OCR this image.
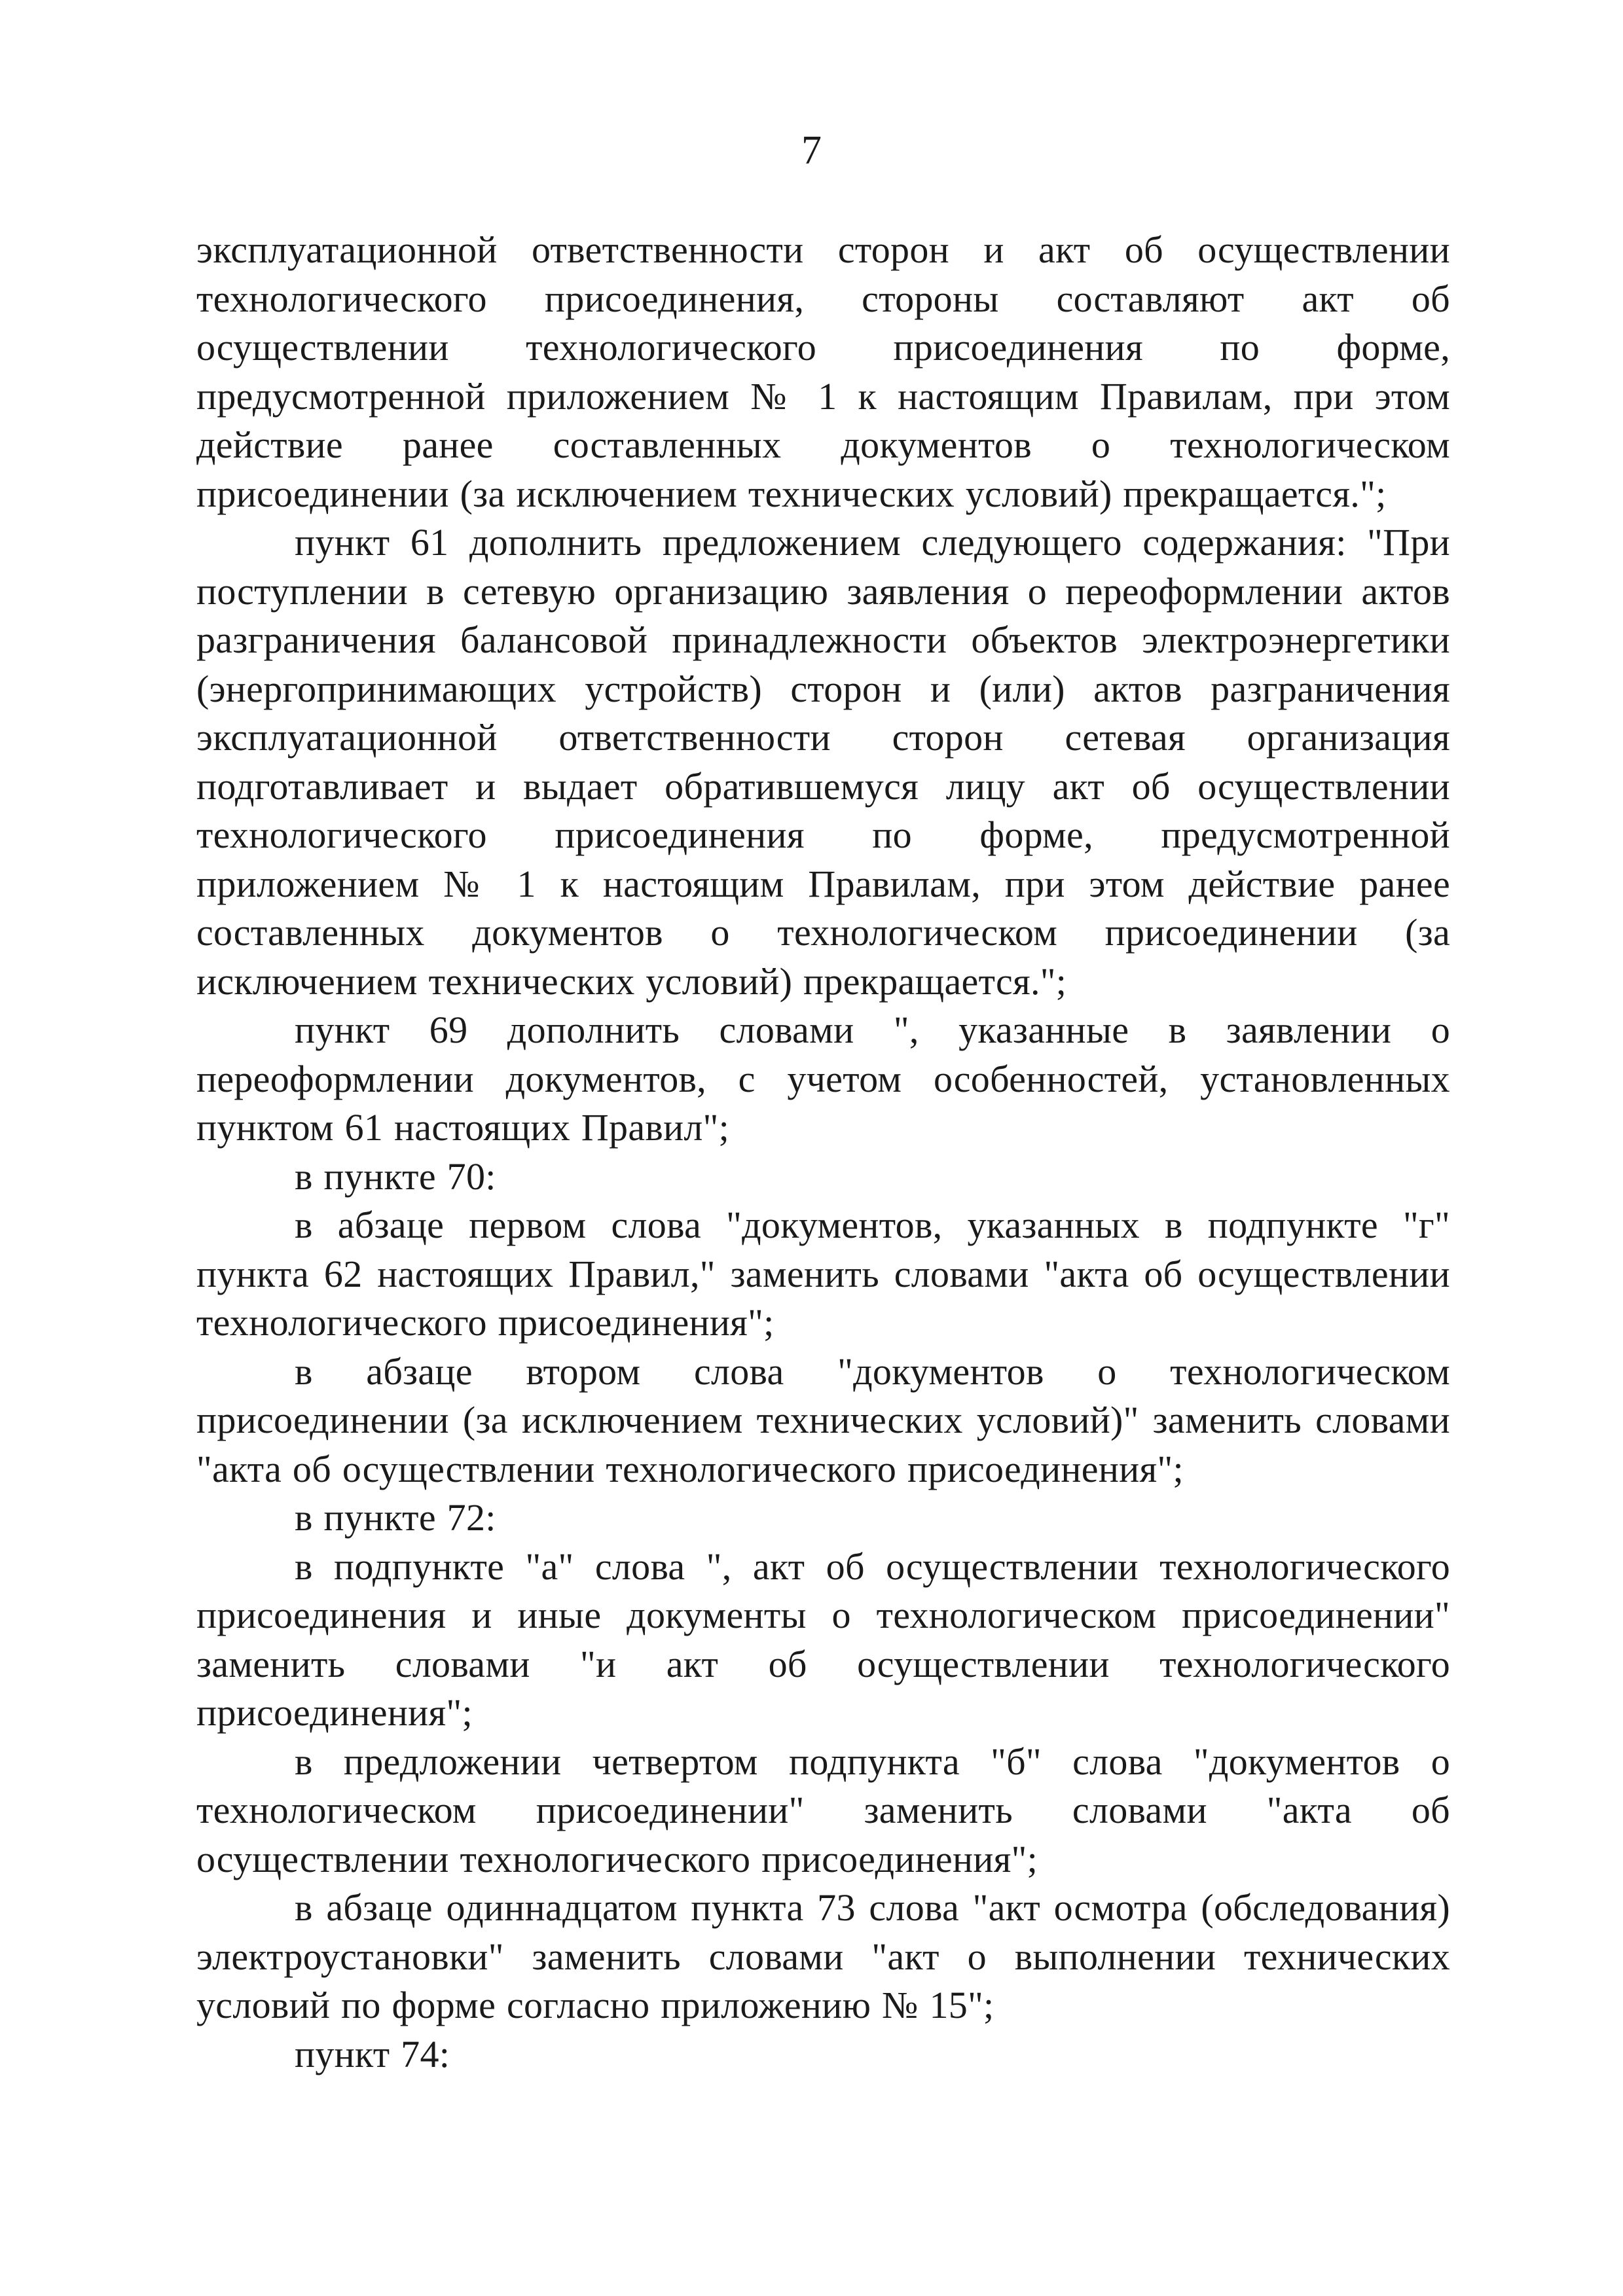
7

эксплуатационной ответственности сторон и акт об осуществлении технологического присоединения, стороны составляют акт об осуществлении технологического присоединения по форме, предусмотренной приложением № 1 к настоящим Правилам, при этом действие ранее составленных документов о технологическом присоединении (за исключением технических условий) прекращается.";

пункт 61 дополнить предложением следующего содержания: "При поступлении в сетевую организацию заявления о переоформлении актов разграничения балансовой принадлежности объектов электроэнергетики (энергопринимающих устройств) сторон и (или) актов разграничения эксплуатационной ответственности сторон сетевая организация подготавливает и выдает обратившемуся лицу акт об осуществлении технологического присоединения по форме, предусмотренной приложением № 1 к настоящим Правилам, при этом действие ранее составленных документов о технологическом присоединении (за исключением технических условий) прекращается.";

пункт 69 дополнить словами ", указанные в заявлении о переоформлении документов, с учетом особенностей, установленных пунктом 61 настоящих Правил";

в пункте 70:

в абзаце первом слова "документов, указанных в подпункте "г" пункта 62 настоящих Правил," заменить словами "акта об осуществлении технологического присоединения";

в абзаце втором слова "документов о технологическом присоединении (за исключением технических условий)" заменить словами "акта об осуществлении технологического присоединения";

в пункте 72:

в подпункте "а" слова ", акт об осуществлении технологического присоединения и иные документы о технологическом присоединении" заменить словами "и акт об осуществлении технологического присоединения";

в предложении четвертом подпункта "б" слова "документов о технологическом присоединении" заменить словами "акта об осуществлении технологического присоединения";

в абзаце одиннадцатом пункта 73 слова "акт осмотра (обследования) электроустановки" заменить словами "акт о выполнении технических условий по форме согласно приложению № 15";

пункт 74:
